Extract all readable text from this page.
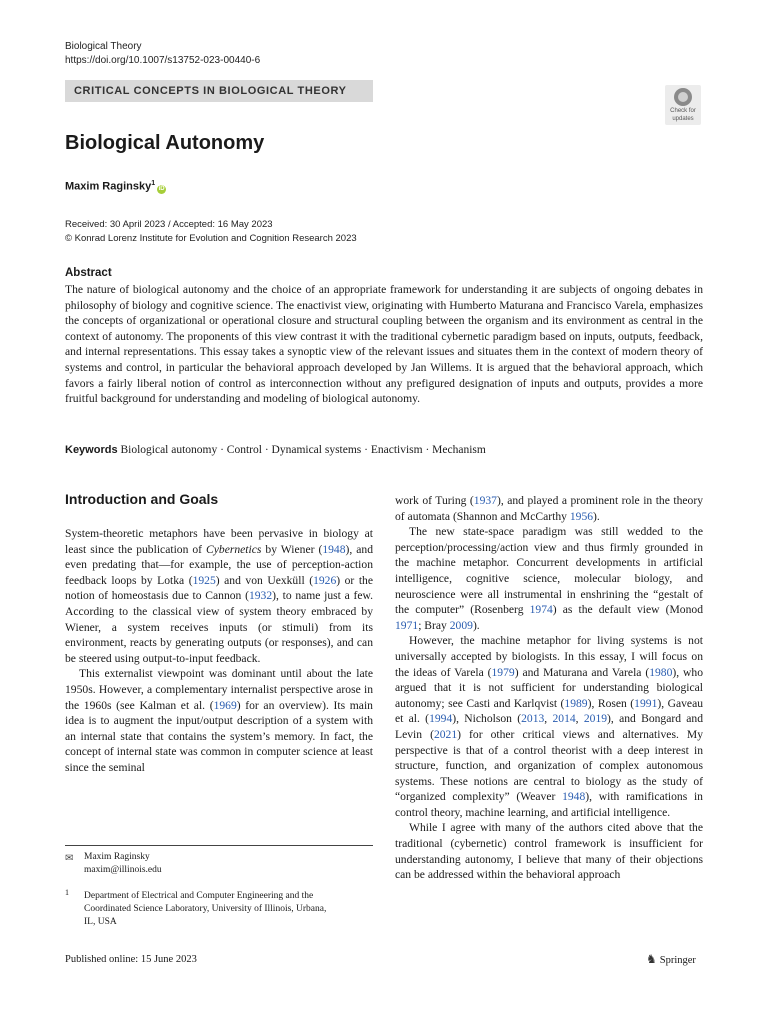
Biological Theory
https://doi.org/10.1007/s13752-023-00440-6
CRITICAL CONCEPTS IN BIOLOGICAL THEORY
Check for
updates
Biological Autonomy
Maxim Raginsky$^1$iD
Received: 30 April 2023 / Accepted: 16 May 2023
© Konrad Lorenz Institute for Evolution and Cognition Research 2023
Abstract
The nature of biological autonomy and the choice of an appropriate framework for understanding it are subjects of ongoing debates in philosophy of biology and cognitive science. The enactivist view, originating with Humberto Maturana and Francisco Varela, emphasizes the concepts of organizational or operational closure and structural coupling between the organism and its environment as central in the context of autonomy. The proponents of this view contrast it with the traditional cybernetic paradigm based on inputs, outputs, feedback, and internal representations. This essay takes a synoptic view of the relevant issues and situates them in the context of modern theory of systems and control, in particular the behavioral approach developed by Jan Willems. It is argued that the behavioral approach, which favors a fairly liberal notion of control as interconnection without any prefigured designation of inputs and outputs, provides a more fruitful background for understanding and modeling of biological autonomy.
Keywords Biological autonomy · Control · Dynamical systems · Enactivism · Mechanism

Introduction and Goals

System-theoretic metaphors have been pervasive in biology at least since the publication of Cybernetics by Wiener (1948), and even predating that—for example, the use of perception-action feedback loops by Lotka (1925) and von Uexküll (1926) or the notion of homeostasis due to Cannon (1932), to name just a few. According to the classical view of system theory embraced by Wiener, a system receives inputs (or stimuli) from its environment, reacts by generating outputs (or responses), and can be steered using output-to-input feedback.

This externalist viewpoint was dominant until about the late 1950s. However, a complementary internalist perspective arose in the 1960s (see Kalman et al. (1969) for an overview). Its main idea is to augment the input/output description of a system with an internal state that contains the system’s memory. In fact, the concept of internal state was common in computer science at least since the seminal

work of Turing (1937), and played a prominent role in the theory of automata (Shannon and McCarthy 1956).

The new state-space paradigm was still wedded to the perception/processing/action view and thus firmly grounded in the machine metaphor. Concurrent developments in artificial intelligence, cognitive science, molecular biology, and neuroscience were all instrumental in enshrining the “gestalt of the computer” (Rosenberg 1974) as the default view (Monod 1971; Bray 2009).

However, the machine metaphor for living systems is not universally accepted by biologists. In this essay, I will focus on the ideas of Varela (1979) and Maturana and Varela (1980), who argued that it is not sufficient for understanding biological autonomy; see Casti and Karlqvist (1989), Rosen (1991), Gaveau et al. (1994), Nicholson (2013, 2014, 2019), and Bongard and Levin (2021) for other critical views and alternatives. My perspective is that of a control theorist with a deep interest in structure, function, and organization of complex autonomous systems. These notions are central to biology as the study of “organized complexity” (Weaver 1948), with ramifications in control theory, machine learning, and artificial intelligence.

While I agree with many of the authors cited above that the traditional (cybernetic) control framework is insufficient for understanding autonomy, I believe that many of their objections can be addressed within the behavioral approach

✉ Maxim Raginsky
maxim@illinois.edu
1 Department of Electrical and Computer Engineering and the Coordinated Science Laboratory, University of Illinois, Urbana, IL, USA
Published online: 15 June 2023	♞ Springer
